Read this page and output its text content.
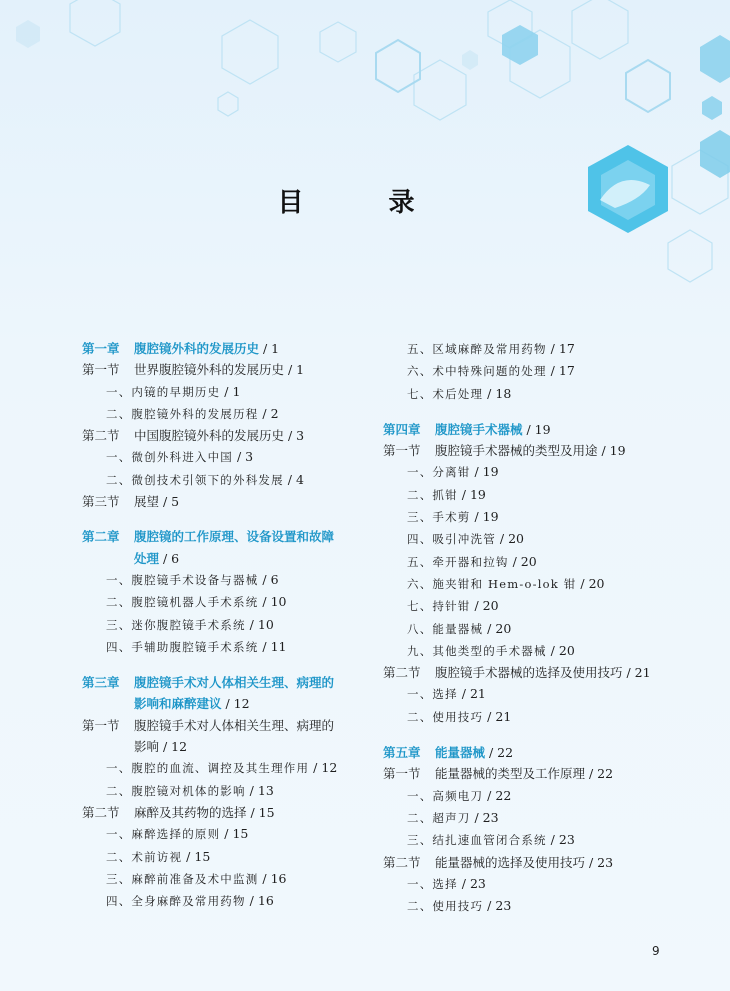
目 录
第一章 腹腔镜外科的发展历史 / 1
第一节 世界腹腔镜外科的发展历史 / 1
一、内镜的早期历史 / 1
二、腹腔镜外科的发展历程 / 2
第二节 中国腹腔镜外科的发展历史 / 3
一、微创外科进入中国 / 3
二、微创技术引领下的外科发展 / 4
第三节 展望 / 5
第二章 腹腔镜的工作原理、设备设置和故障
处理 / 6
一、腹腔镜手术设备与器械 / 6
二、腹腔镜机器人手术系统 / 10
三、迷你腹腔镜手术系统 / 10
四、手辅助腹腔镜手术系统 / 11
第三章 腹腔镜手术对人体相关生理、病理的
影响和麻醉建议 / 12
第一节 腹腔镜手术对人体相关生理、病理的
影响 / 12
一、腹腔的血流、调控及其生理作用 / 12
二、腹腔镜对机体的影响 / 13
第二节 麻醉及其药物的选择 / 15
一、麻醉选择的原则 / 15
二、术前访视 / 15
三、麻醉前准备及术中监测 / 16
四、全身麻醉及常用药物 / 16
五、区域麻醉及常用药物 / 17
六、术中特殊问题的处理 / 17
七、术后处理 / 18
第四章 腹腔镜手术器械 / 19
第一节 腹腔镜手术器械的类型及用途 / 19
一、分离钳 / 19
二、抓钳 / 19
三、手术剪 / 19
四、吸引冲洗管 / 20
五、牵开器和拉钩 / 20
六、施夹钳和 Hem-o-lok 钳 / 20
七、持针钳 / 20
八、能量器械 / 20
九、其他类型的手术器械 / 20
第二节 腹腔镜手术器械的选择及使用技巧 / 21
一、选择 / 21
二、使用技巧 / 21
第五章 能量器械 / 22
第一节 能量器械的类型及工作原理 / 22
一、高频电刀 / 22
二、超声刀 / 23
三、结扎速血管闭合系统 / 23
第二节 能量器械的选择及使用技巧 / 23
一、选择 / 23
二、使用技巧 / 23
9
